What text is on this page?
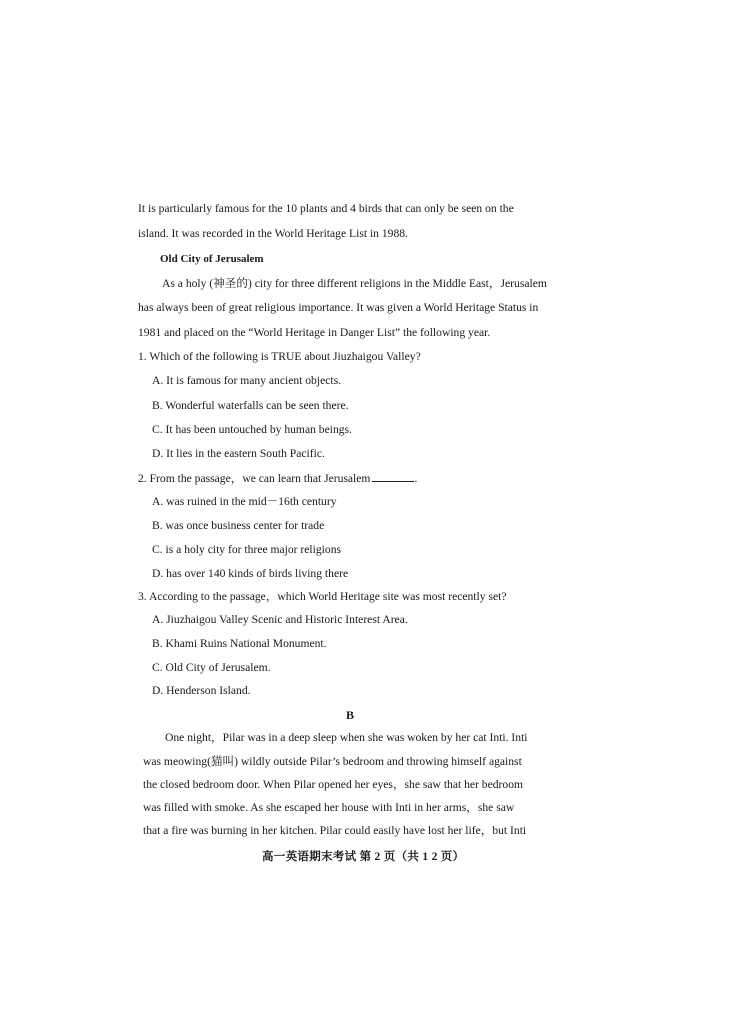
It is particularly famous for the 10 plants and 4 birds that can only be seen on the
island. It was recorded in the World Heritage List in 1988.
Old City of Jerusalem
As a holy (神圣的) city for three different religions in the Middle East，Jerusalem
has always been of great religious importance. It was given a World Heritage Status in
1981 and placed on the “World Heritage in Danger List” the following year.
1. Which of the following is TRUE about Jiuzhaigou Valley?
A. It is famous for many ancient objects.
B. Wonderful waterfalls can be seen there.
C. It has been untouched by human beings.
D. It lies in the eastern South Pacific.
2. From the passage，we can learn that Jerusalem	.
A. was ruined in the mid－16th century
B. was once business center for trade
C. is a holy city for three major religions
D. has over 140 kinds of birds living there
3. According to the passage，which World Heritage site was most recently set?
A. Jiuzhaigou Valley Scenic and Historic Interest Area.
B. Khami Ruins National Monument.
C. Old City of Jerusalem.
D. Henderson Island.
B
One night，Pilar was in a deep sleep when she was woken by her cat Inti. Inti
was meowing(猫叫) wildly outside Pilar’s bedroom and throwing himself against
the closed bedroom door. When Pilar opened her eyes，she saw that her bedroom
was filled with smoke. As she escaped her house with Inti in her arms，she saw
that a fire was burning in her kitchen. Pilar could easily have lost her life，but Inti
高一英语期末考试 第 2 页（共 1 2 页）
